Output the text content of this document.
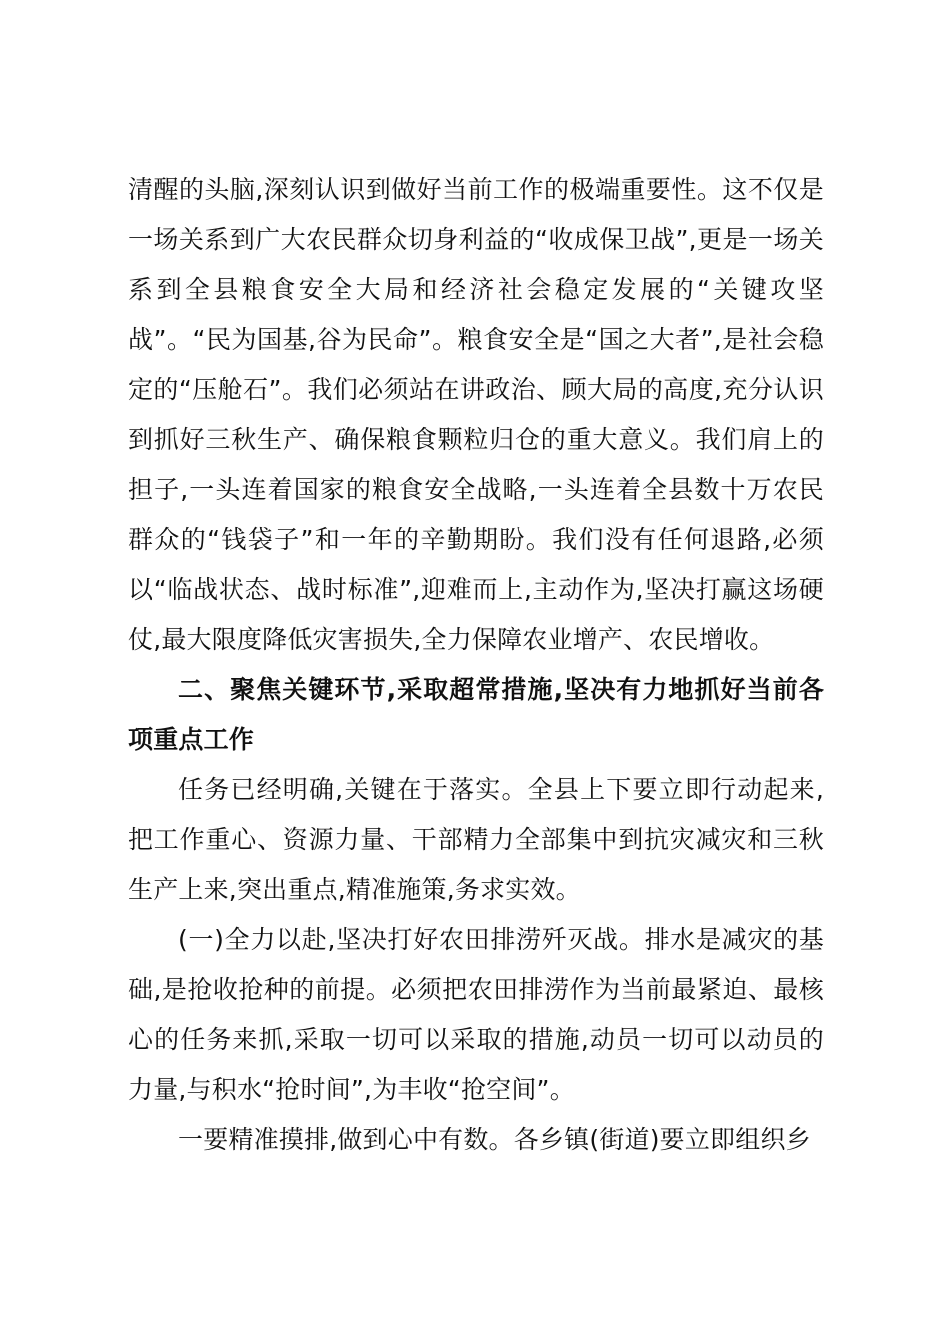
清醒的头脑,深刻认识到做好当前工作的极端重要性。这不仅是一场关系到广大农民群众切身利益的“收成保卫战”,更是一场关系到全县粮食安全大局和经济社会稳定发展的“关键攻坚战”。“民为国基,谷为民命”。粮食安全是“国之大者”,是社会稳定的“压舱石”。我们必须站在讲政治、顾大局的高度,充分认识到抓好三秋生产、确保粮食颗粒归仓的重大意义。我们肩上的担子,一头连着国家的粮食安全战略,一头连着全县数十万农民群众的“钱袋子”和一年的辛勤期盼。我们没有任何退路,必须以“临战状态、战时标准”,迎难而上,主动作为,坚决打赢这场硬仗,最大限度降低灾害损失,全力保障农业增产、农民增收。

二、聚焦关键环节,采取超常措施,坚决有力地抓好当前各项重点工作

任务已经明确,关键在于落实。全县上下要立即行动起来,把工作重心、资源力量、干部精力全部集中到抗灾减灾和三秋生产上来,突出重点,精准施策,务求实效。

(一)全力以赴,坚决打好农田排涝歼灭战。排水是减灾的基础,是抢收抢种的前提。必须把农田排涝作为当前最紧迫、最核心的任务来抓,采取一切可以采取的措施,动员一切可以动员的力量,与积水“抢时间”,为丰收“抢空间”。

一要精准摸排,做到心中有数。各乡镇(街道)要立即组织乡
